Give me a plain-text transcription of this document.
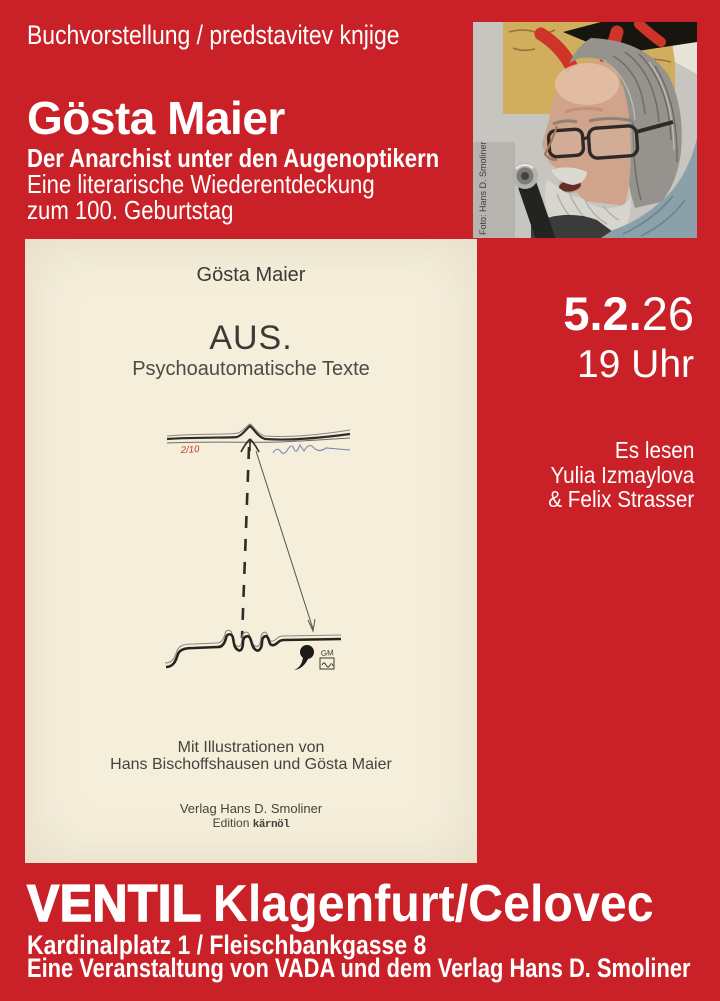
Buchvorstellung / predstavitev knjige
Gösta Maier
Der Anarchist unter den Augenoptikern
Eine literarische Wiederentdeckung
zum 100. Geburtstag	Foto: Hans D. Smoliner
5.2.26
19 Uhr
Es lesen
Yulia Izmaylova
& Felix Strasser
Gösta Maier
AUS.
Psychoautomatische Texte
2/10
GM
Mit Illustrationen von
Hans Bischoffshausen und Gösta Maier
Verlag Hans D. Smoliner
Edition kärnöl
VENTIL Klagenfurt/Celovec
Kardinalplatz 1 / Fleischbankgasse 8
Eine Veranstaltung von VADA und dem Verlag Hans D. Smoliner
